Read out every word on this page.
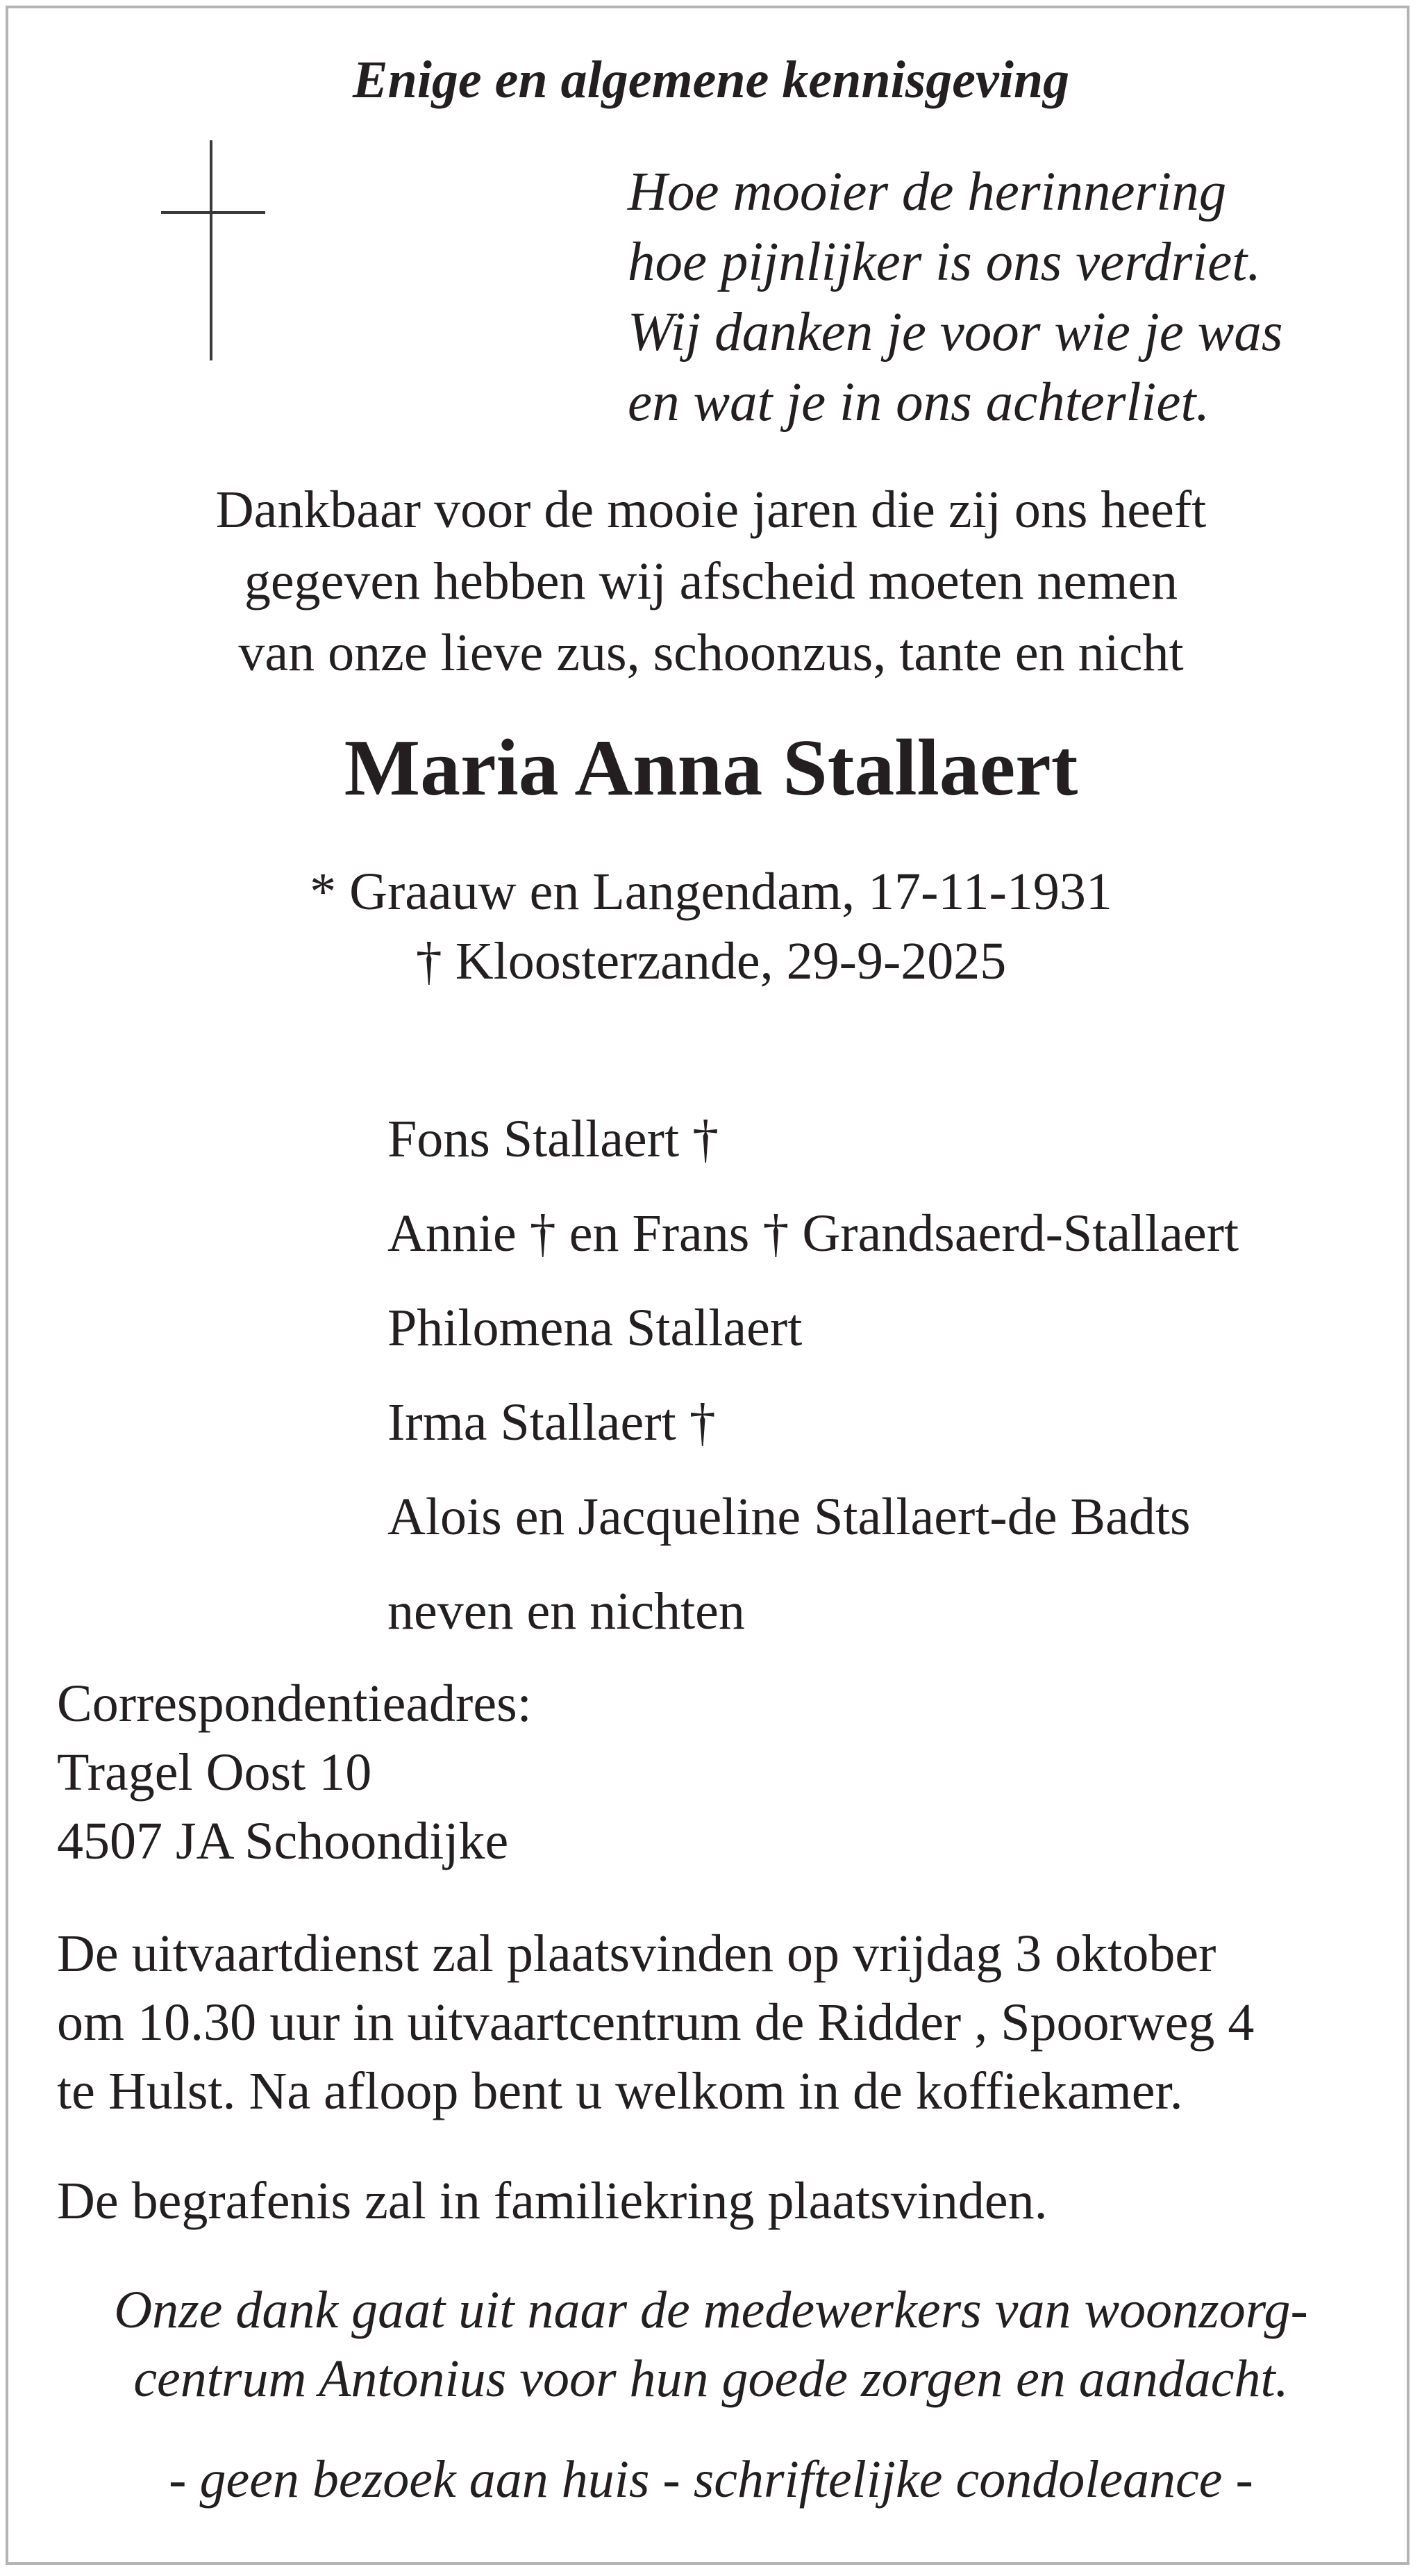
Enige en algemene kennisgeving

Hoe mooier de herinnering
hoe pijnlijker is ons verdriet.
Wij danken je voor wie je was
en wat je in ons achterliet.
Dankbaar voor de mooie jaren die zij ons heeft
gegeven hebben wij afscheid moeten nemen
van onze lieve zus, schoonzus, tante en nicht

Maria Anna Stallaert

* Graauw en Langendam, 17-11-1931
† Kloosterzande, 29-9-2025
Fons Stallaert †
Annie † en Frans † Grandsaerd-Stallaert
Philomena Stallaert
Irma Stallaert †
Alois en Jacqueline Stallaert-de Badts
neven en nichten
Correspondentieadres:
Tragel Oost 10
4507 JA Schoondijke
De uitvaartdienst zal plaatsvinden op vrijdag 3 oktober
om 10.30 uur in uitvaartcentrum de Ridder , Spoorweg 4
te Hulst. Na afloop bent u welkom in de koffiekamer.
De begrafenis zal in familiekring plaatsvinden.
Onze dank gaat uit naar de medewerkers van woonzorg-
centrum Antonius voor hun goede zorgen en aandacht.

- geen bezoek aan huis - schriftelijke condoleance -
